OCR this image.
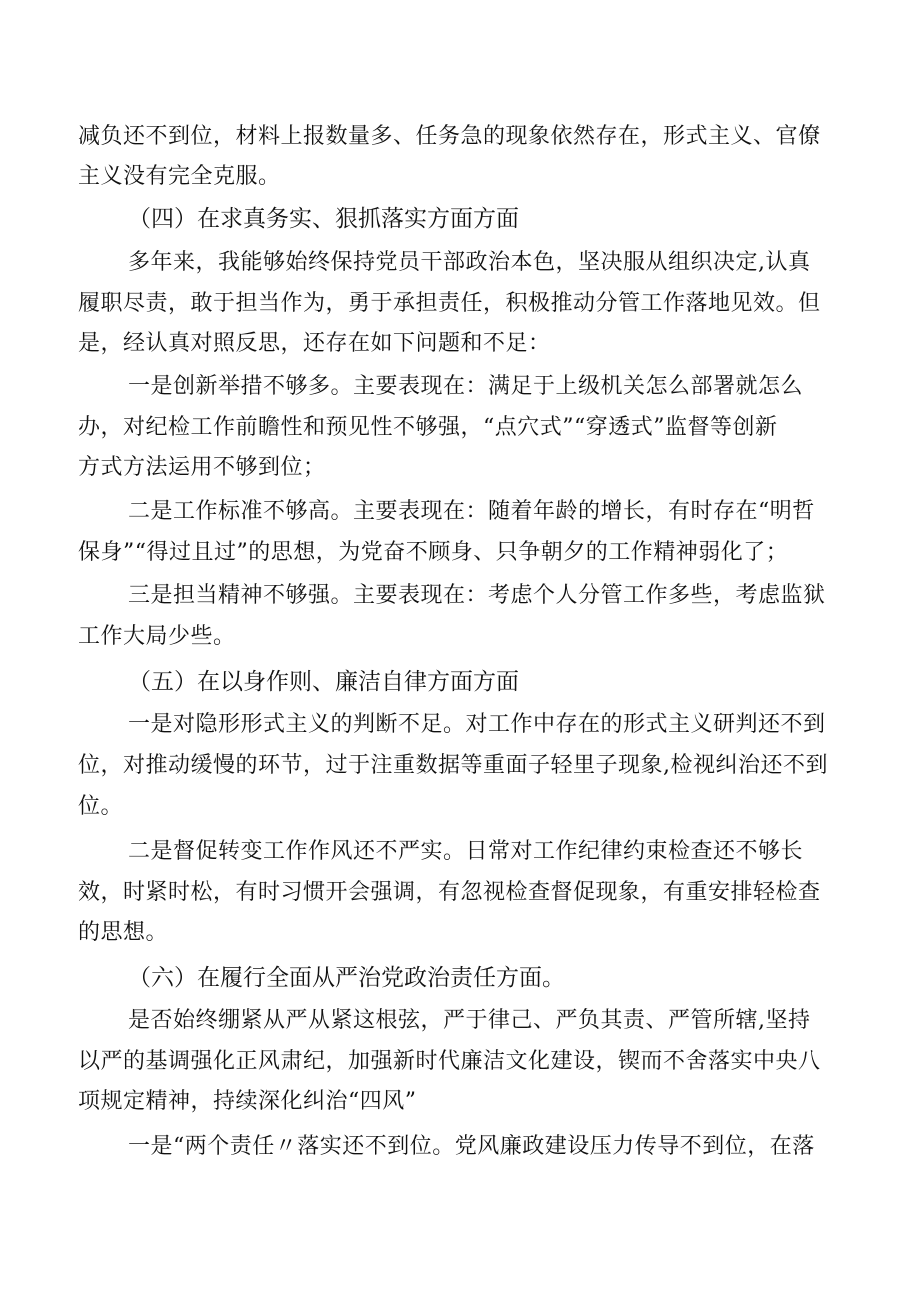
减负还不到位，材料上报数量多、任务急的现象依然存在，形式主义、官僚
主义没有完全克服。
（四）在求真务实、狠抓落实方面方面
多年来，我能够始终保持党员干部政治本色，坚决服从组织决定,认真
履职尽责，敢于担当作为，勇于承担责任，积极推动分管工作落地见效。但
是，经认真对照反思，还存在如下问题和不足：
一是创新举措不够多。主要表现在：满足于上级机关怎么部署就怎么
办，对纪检工作前瞻性和预见性不够强，“点穴式”“穿透式”监督等创新
方式方法运用不够到位；
二是工作标准不够高。主要表现在：随着年龄的增长，有时存在“明哲
保身”“得过且过”的思想，为党奋不顾身、只争朝夕的工作精神弱化了；
三是担当精神不够强。主要表现在：考虑个人分管工作多些，考虑监狱
工作大局少些。
（五）在以身作则、廉洁自律方面方面
一是对隐形形式主义的判断不足。对工作中存在的形式主义研判还不到
位，对推动缓慢的环节，过于注重数据等重面子轻里子现象,检视纠治还不到
位。
二是督促转变工作作风还不严实。日常对工作纪律约束检查还不够长
效，时紧时松，有时习惯开会强调，有忽视检查督促现象，有重安排轻检查
的思想。
（六）在履行全面从严治党政治责任方面。
是否始终绷紧从严从紧这根弦，严于律己、严负其责、严管所辖,坚持
以严的基调强化正风肃纪，加强新时代廉洁文化建设，锲而不舍落实中央八
项规定精神，持续深化纠治“四风”
一是“两个责任〃落实还不到位。党风廉政建设压力传导不到位，在落
